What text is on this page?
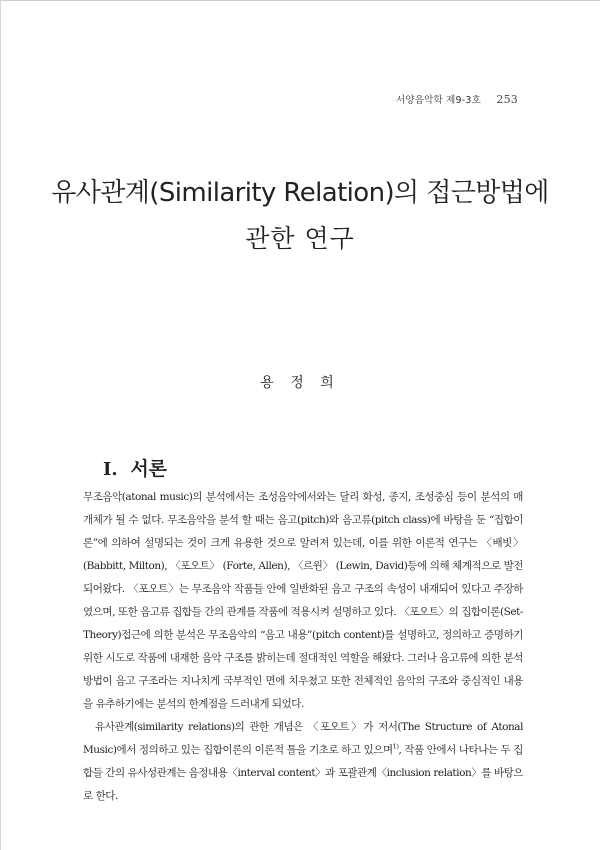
서양음악학 제9-3호 253
유사관계(Similarity Relation)의 접근방법에
관한 연구
용 정 희
I. 서론

무조음악(atonal music)의 분석에서는 조성음악에서와는 달리 화성, 종지, 조성중심 등이 분석의 매개체가 될 수 없다. 무조음악을 분석 할 때는 음고(pitch)와 음고류(pitch class)에 바탕을 둔 “집합이론”에 의하여 설명되는 것이 크게 유용한 것으로 알려져 있는데, 이를 위한 이론적 연구는 〈배빗〉 (Babbitt, Milton), 〈포오트〉 (Forte, Allen), 〈르윈〉 (Lewin, David)등에 의해 체계적으로 발전되어왔다. 〈포오트〉는 무조음악 작품들 안에 일반화된 음고 구조의 속성이 내재되어 있다고 주장하였으며, 또한 음고류 집합들 간의 관계를 작품에 적용시켜 설명하고 있다. 〈포오트〉의 집합이론(Set-Theory)접근에 의한 분석은 무조음악의 “음고 내용”(pitch content)를 설명하고, 정의하고 증명하기 위한 시도로 작품에 내재한 음악 구조를 밝히는데 절대적인 역할을 해왔다. 그러나 음고류에 의한 분석 방법이 음고 구조라는 지나치게 국부적인 면에 치우쳤고 또한 전체적인 음악의 구조와 중심적인 내용을 유추하기에는 분석의 한계점을 드러내게 되었다.

유사관계(similarity relations)의 관한 개념은 〈포오트〉가 저서(The Structure of Atonal Music)에서 정의하고 있는 집합이론의 이론적 틀을 기초로 하고 있으며$^{1)}$, 작품 안에서 나타나는 두 집합들 간의 유사성관계는 음정내용〈interval content〉과 포괄관계〈inclusion relation〉를 바탕으로 한다.
